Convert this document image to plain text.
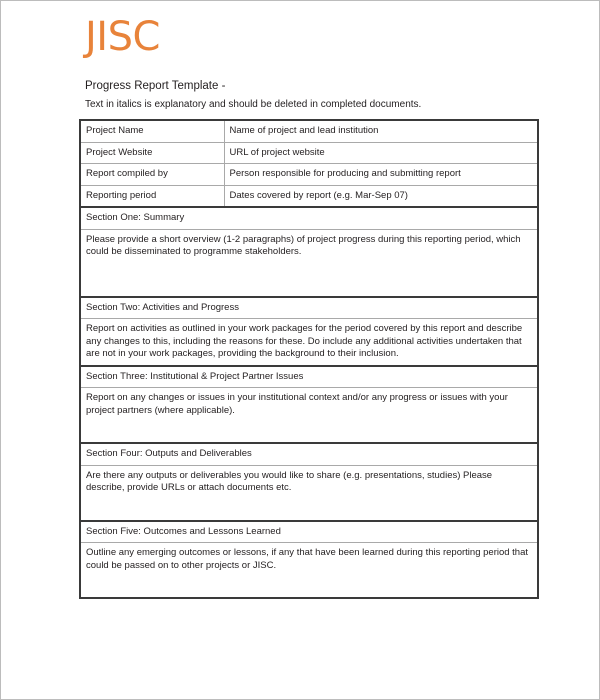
JISC
Progress Report Template -
Text in italics is explanatory and should be deleted in completed documents.
Project Name	Name of project and lead institution
Project Website	URL of project website
Report compiled by	Person responsible for producing and submitting report
Reporting period	Dates covered by report (e.g. Mar-Sep 07)
Section One: Summary	

Please provide a short overview (1-2 paragraphs) of project progress during this reporting period, which could be disseminated to programme stakeholders.	

Section Two: Activities and Progress	

Report on activities as outlined in your work packages for the period covered by this report and describe any changes to this, including the reasons for these. Do include any additional activities undertaken that are not in your work packages, providing the background to their inclusion.	

Section Three: Institutional & Project Partner Issues	

Report on any changes or issues in your institutional context and/or any progress or issues with your project partners (where applicable).	

Section Four: Outputs and Deliverables	

Are there any outputs or deliverables you would like to share (e.g. presentations, studies) Please describe, provide URLs or attach documents etc.	

Section Five: Outcomes and Lessons Learned	

Outline any emerging outcomes or lessons, if any that have been learned during this reporting period that could be passed on to other projects or JISC.	
